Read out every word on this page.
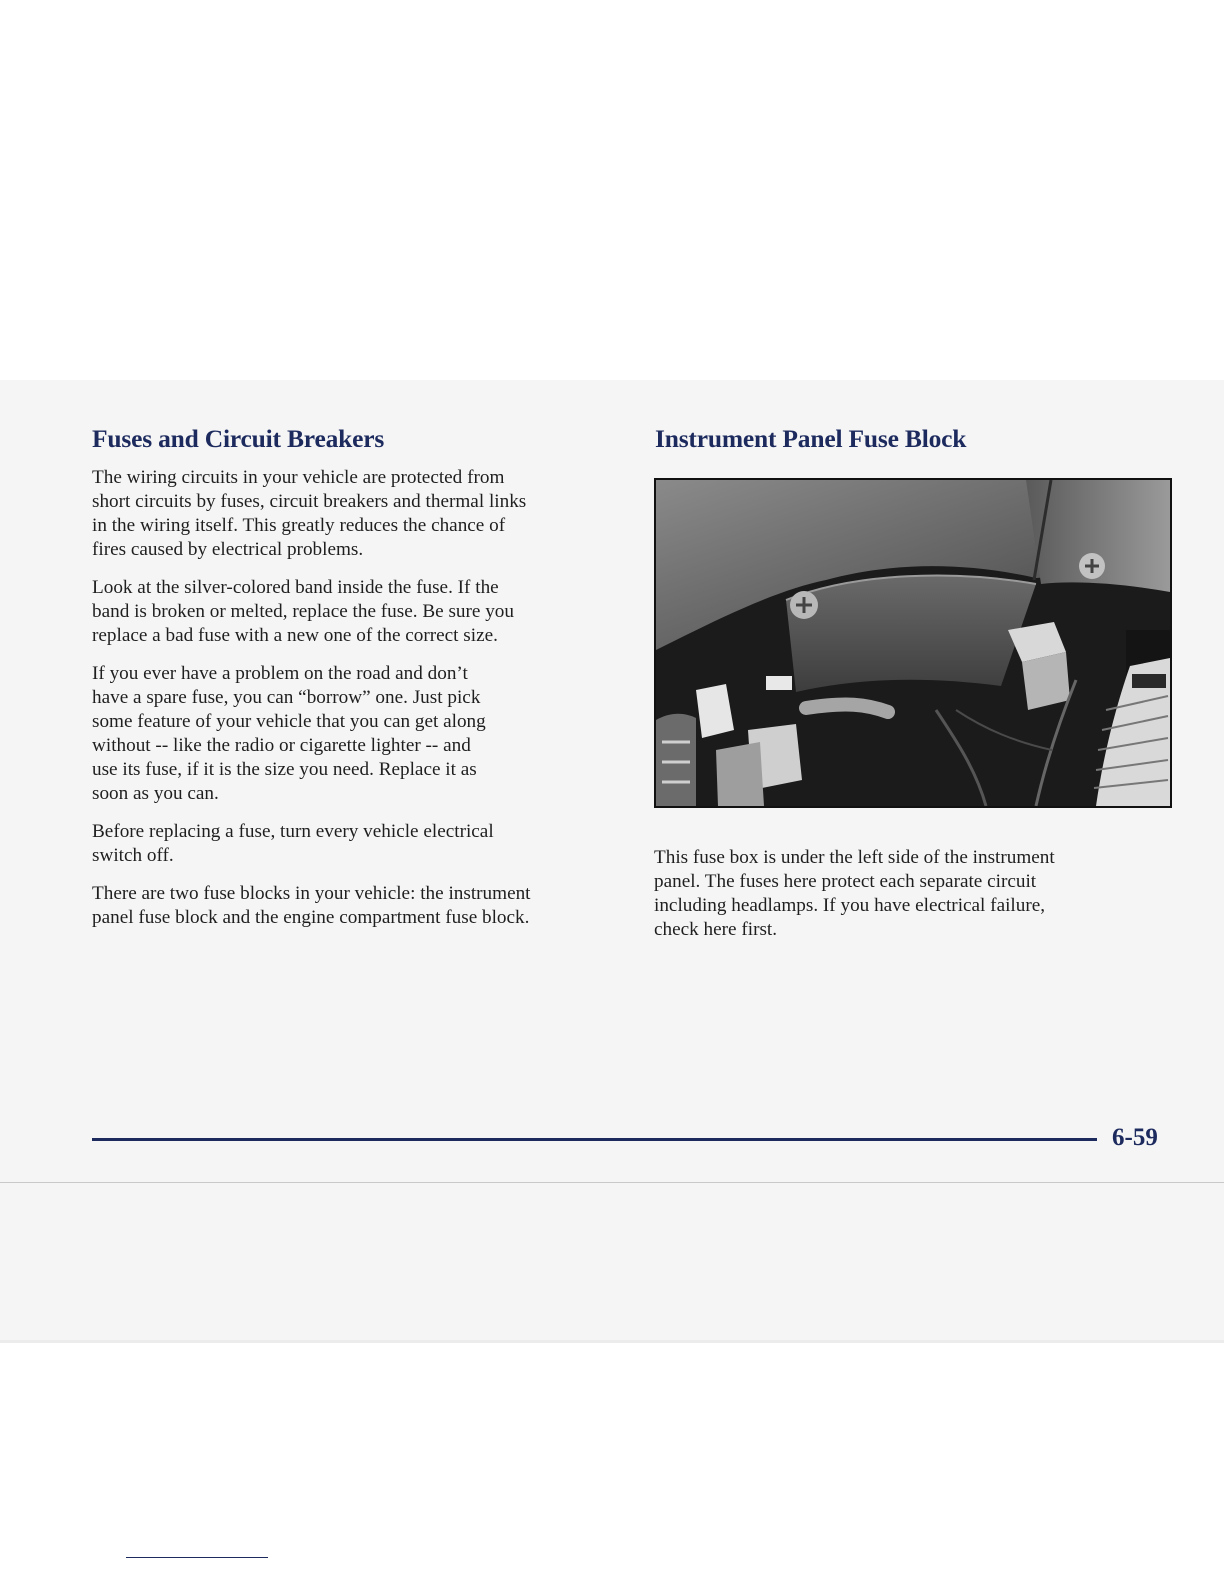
Fuses and Circuit Breakers

The wiring circuits in your vehicle are protected from
short circuits by fuses, circuit breakers and thermal links
in the wiring itself. This greatly reduces the chance of
fires caused by electrical problems.

Look at the silver-colored band inside the fuse. If the
band is broken or melted, replace the fuse. Be sure you
replace a bad fuse with a new one of the correct size.

If you ever have a problem on the road and don’t
have a spare fuse, you can “borrow” one. Just pick
some feature of your vehicle that you can get along
without -- like the radio or cigarette lighter -- and
use its fuse, if it is the size you need. Replace it as
soon as you can.

Before replacing a fuse, turn every vehicle electrical
switch off.

There are two fuse blocks in your vehicle: the instrument
panel fuse block and the engine compartment fuse block.

Instrument Panel Fuse Block

This fuse box is under the left side of the instrument
panel. The fuses here protect each separate circuit
including headlamps. If you have electrical failure,
check here first.

6-59
